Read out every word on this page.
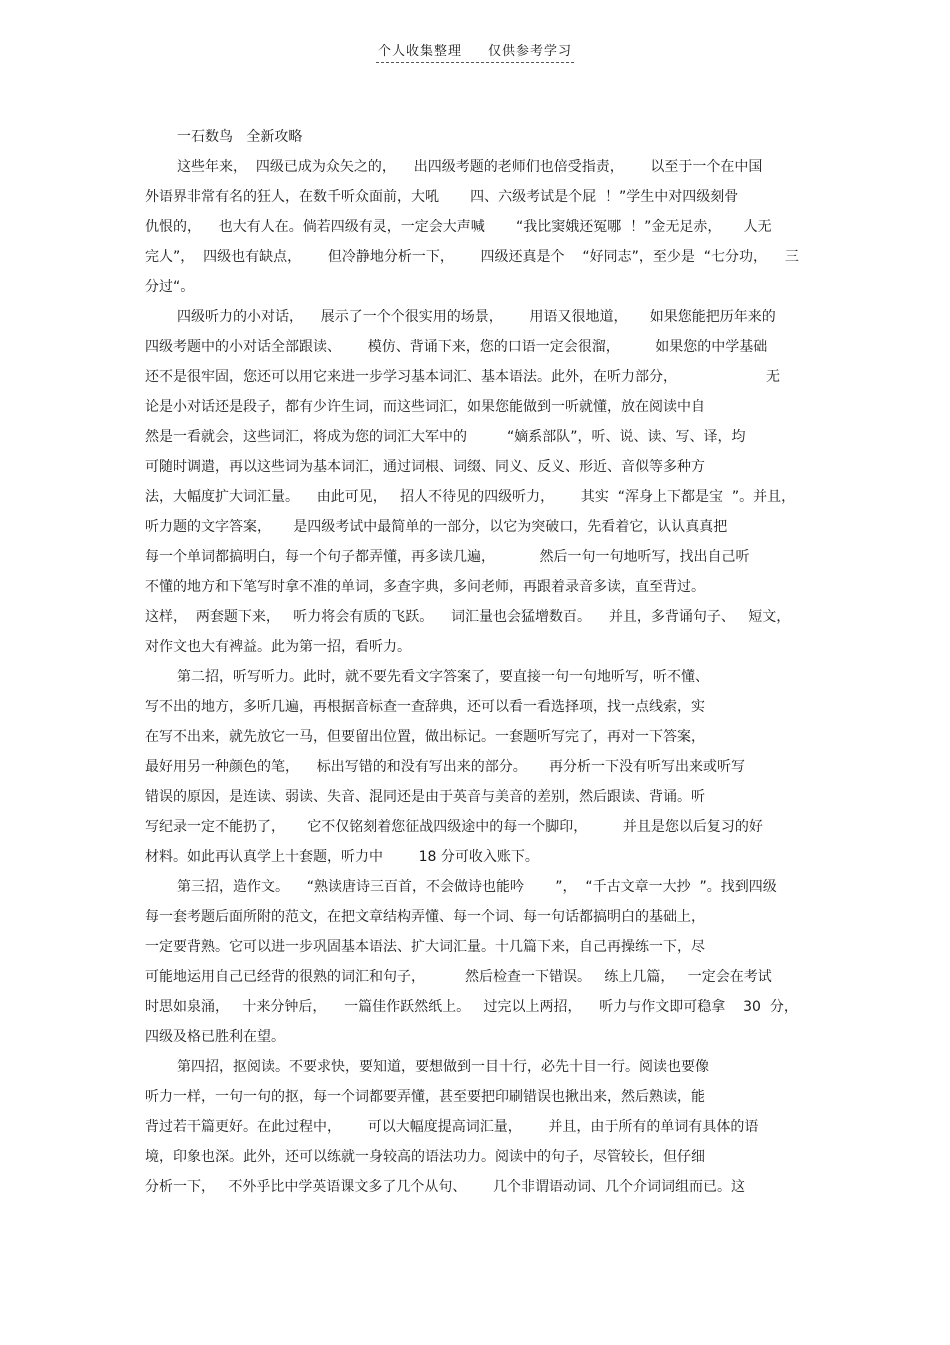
个人收集整理 仅供参考学习
一石数鸟   全新攻略
这些年来，  四级已成为众矢之的，    出四级考题的老师们也倍受指责，      以至于一个在中国
外语界非常有名的狂人，在数千听众面前，大吼       四、六级考试是个屁  ！”学生中对四级刻骨
仇恨的，    也大有人在。倘若四级有灵，一定会大声喊       “我比窦娥还冤哪  ！”金无足赤，     人无
完人”，  四级也有缺点，      但冷静地分析一下，      四级还真是个    “好同志”，至少是  “七分功，    三
分过“。
四级听力的小对话，    展示了一个个很实用的场景，      用语又很地道，     如果您能把历年来的
四级考题中的小对话全部跟读、      模仿、背诵下来，您的口语一定会很溜，        如果您的中学基础
还不是很牢固，您还可以用它来进一步学习基本词汇、基本语法。此外，在听力部分，                    无
论是小对话还是段子，都有少许生词，而这些词汇，如果您能做到一听就懂，放在阅读中自
然是一看就会，这些词汇，将成为您的词汇大军中的         “嫡系部队”，听、说、读、写、译，均
可随时调遣，再以这些词为基本词汇，通过词根、词缀、同义、反义、形近、音似等多种方
法，大幅度扩大词汇量。    由此可见，   招人不待见的四级听力，      其实  “浑身上下都是宝  ”。并且，
听力题的文字答案，     是四级考试中最简单的一部分，以它为突破口，先看着它，认认真真把
每一个单词都搞明白，每一个句子都弄懂，再多读几遍，          然后一句一句地听写，找出自己听
不懂的地方和下笔写时拿不准的单词，多查字典，多问老师，再跟着录音多读，直至背过。
这样，  两套题下来，   听力将会有质的飞跃。    词汇量也会猛增数百。    并且，多背诵句子、   短文，
对作文也大有裨益。此为第一招，看听力。
第二招，听写听力。此时，就不要先看文字答案了，要直接一句一句地听写，听不懂、
写不出的地方，多听几遍，再根据音标查一查辞典，还可以看一看选择项，找一点线索，实
在写不出来，就先放它一马，但要留出位置，做出标记。一套题听写完了，再对一下答案，
最好用另一种颜色的笔，    标出写错的和没有写出来的部分。     再分析一下没有听写出来或听写
错误的原因，是连读、弱读、失音、混同还是由于英音与美音的差别，然后跟读、背诵。听
写纪录一定不能扔了，     它不仅铭刻着您征战四级途中的每一个脚印，        并且是您以后复习的好
材料。如此再认真学上十套题，听力中        18 分可收入账下。
第三招，造作文。    “熟读唐诗三百首，不会做诗也能吟       ”，  “千古文章一大抄  ”。找到四级
每一套考题后面所附的范文，在把文章结构弄懂、每一个词、每一句话都搞明白的基础上，
一定要背熟。它可以进一步巩固基本语法、扩大词汇量。十几篇下来，自己再操练一下，尽
可能地运用自己已经背的很熟的词汇和句子，         然后检查一下错误。   练上几篇，   一定会在考试
时思如泉涌，   十来分钟后，    一篇佳作跃然纸上。   过完以上两招，    听力与作文即可稳拿    30  分，
四级及格已胜利在望。
第四招，抠阅读。不要求快，要知道，要想做到一目十行，必先十目一行。阅读也要像
听力一样，一句一句的抠，每一个词都要弄懂，甚至要把印刷错误也揪出来，然后熟读，能
背过若干篇更好。在此过程中，      可以大幅度提高词汇量，      并且，由于所有的单词有具体的语
境，印象也深。此外，还可以练就一身较高的语法功力。阅读中的句子，尽管较长，但仔细
分析一下，   不外乎比中学英语课文多了几个从句、      几个非谓语动词、几个介词词组而已。这
